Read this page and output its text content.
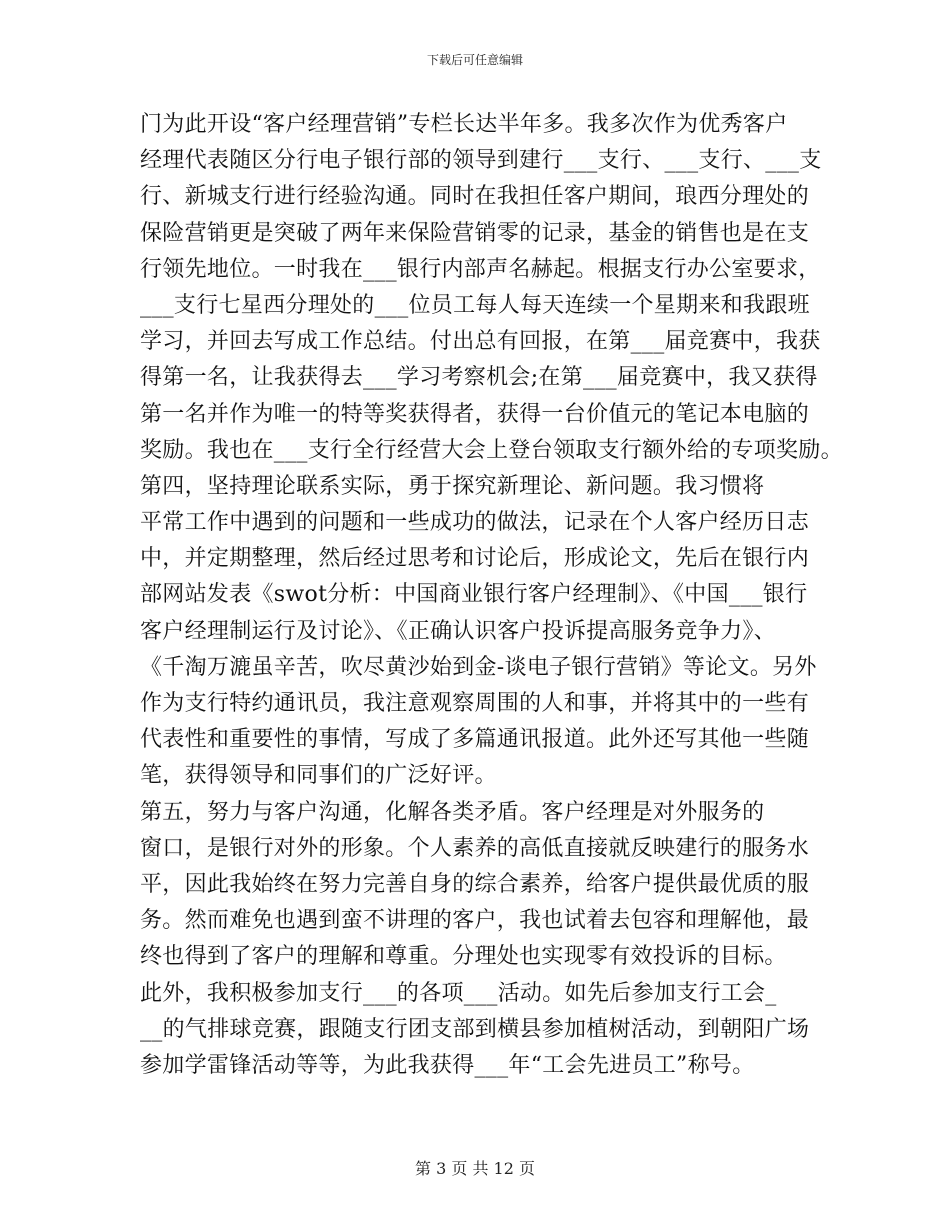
下载后可任意编辑
门为此开设“客户经理营销”专栏长达半年多。我多次作为优秀客户
经理代表随区分行电子银行部的领导到建行___支行、___支行、___支
行、新城支行进行经验沟通。同时在我担任客户期间，琅西分理处的
保险营销更是突破了两年来保险营销零的记录，基金的销售也是在支
行领先地位。一时我在___银行内部声名赫起。根据支行办公室要求，
___支行七星西分理处的___位员工每人每天连续一个星期来和我跟班
学习，并回去写成工作总结。付出总有回报，在第___届竞赛中，我获
得第一名，让我获得去___学习考察机会;在第___届竞赛中，我又获得
第一名并作为唯一的特等奖获得者，获得一台价值元的笔记本电脑的
奖励。我也在___支行全行经营大会上登台领取支行额外给的专项奖励。
第四，坚持理论联系实际，勇于探究新理论、新问题。我习惯将
平常工作中遇到的问题和一些成功的做法，记录在个人客户经历日志
中，并定期整理，然后经过思考和讨论后，形成论文，先后在银行内
部网站发表《swot分析：中国商业银行客户经理制》、《中国___银行
客户经理制运行及讨论》、《正确认识客户投诉提高服务竞争力》、
《千淘万漉虽辛苦，吹尽黄沙始到金-谈电子银行营销》等论文。另外
作为支行特约通讯员，我注意观察周围的人和事，并将其中的一些有
代表性和重要性的事情，写成了多篇通讯报道。此外还写其他一些随
笔，获得领导和同事们的广泛好评。
第五，努力与客户沟通，化解各类矛盾。客户经理是对外服务的
窗口，是银行对外的形象。个人素养的高低直接就反映建行的服务水
平，因此我始终在努力完善自身的综合素养，给客户提供最优质的服
务。然而难免也遇到蛮不讲理的客户，我也试着去包容和理解他，最
终也得到了客户的理解和尊重。分理处也实现零有效投诉的目标。
此外，我积极参加支行___的各项___活动。如先后参加支行工会_
__的气排球竞赛，跟随支行团支部到横县参加植树活动，到朝阳广场
参加学雷锋活动等等，为此我获得___年“工会先进员工”称号。
第 3 页 共 12 页
